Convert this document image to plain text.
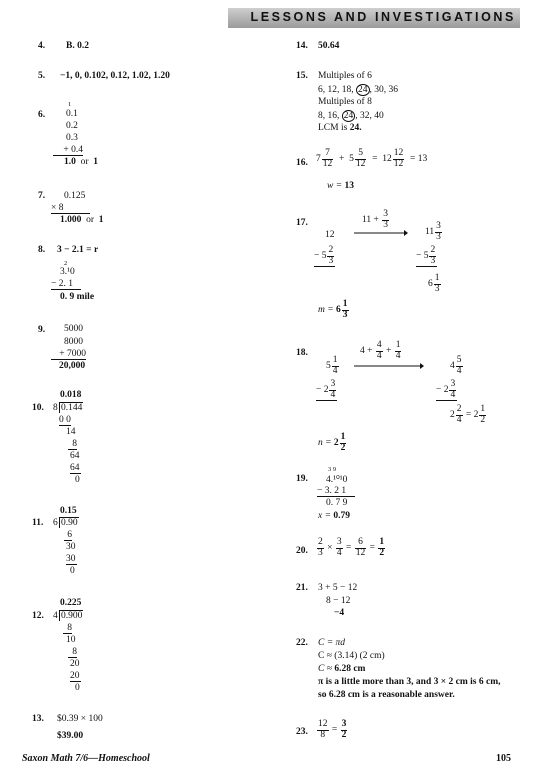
LESSONS AND INVESTIGATIONS
4. B. 0.2
5. −1, 0, 0.102, 0.12, 1.02, 1.20
6.
1
0.1
0.2
0.3
+ 0.4
1.0 or 1
7. 0.125
× 8
1.000 or 1
8. 3 − 2.1 = r
2
3.¹0
− 2. 1
0. 9 mile
9. 5000
8000
+ 7000
20,000
0.018
10. 8 0.144
0 0
14
8
64
64
0
0.15
11. 6 0.90
6
30
30
0
0.225
12. 4 0.900
8
10
8
20
20
0
13. $0.39 × 100
$39.00
14. 50.64
15. Multiples of 6
6, 12, 18, 24 , 30, 36
Multiples of 8
8, 16, 24 , 32, 40
LCM is 24.
16. $7 \frac{7}{12} + 5 \frac{5}{12} = 12 \frac{12}{12} = 13$
w = 13
17.	$11 + \frac{3}{3}$
12
− $5 \frac{2}{3}$
$11 \frac{3}{3}$
− $5 \frac{2}{3}$
$6 \frac{1}{3}$
$m = 6 \frac{1}{3}$
18.	$4 + \frac{4}{4} + \frac{1}{4}$
$5 \frac{1}{4}$
− $2 \frac{3}{4}$
$4 \frac{5}{4}$
− $2 \frac{3}{4}$
$2 \frac{2}{4} = 2 \frac{1}{2}$
$n = 2 \frac{1}{2}$
3 9
19. 4.¹⁰¹0
− 3. 2 1
0. 7 9
x = 0.79
20. $\frac{2}{3} \times \frac{3}{4} = \frac{6}{12} = \frac{1}{2}$
21. 3 + 5 − 12
8 − 12
−4
22. C = πd
C ≈ (3.14) (2 cm)
C ≈ 6.28 cm
π is a little more than 3, and 3 × 2 cm is 6 cm,
so 6.28 cm is a reasonable answer.
23. $\frac{12}{8} = \frac{3}{2}$
Saxon Math 7/6—Homeschool	105
